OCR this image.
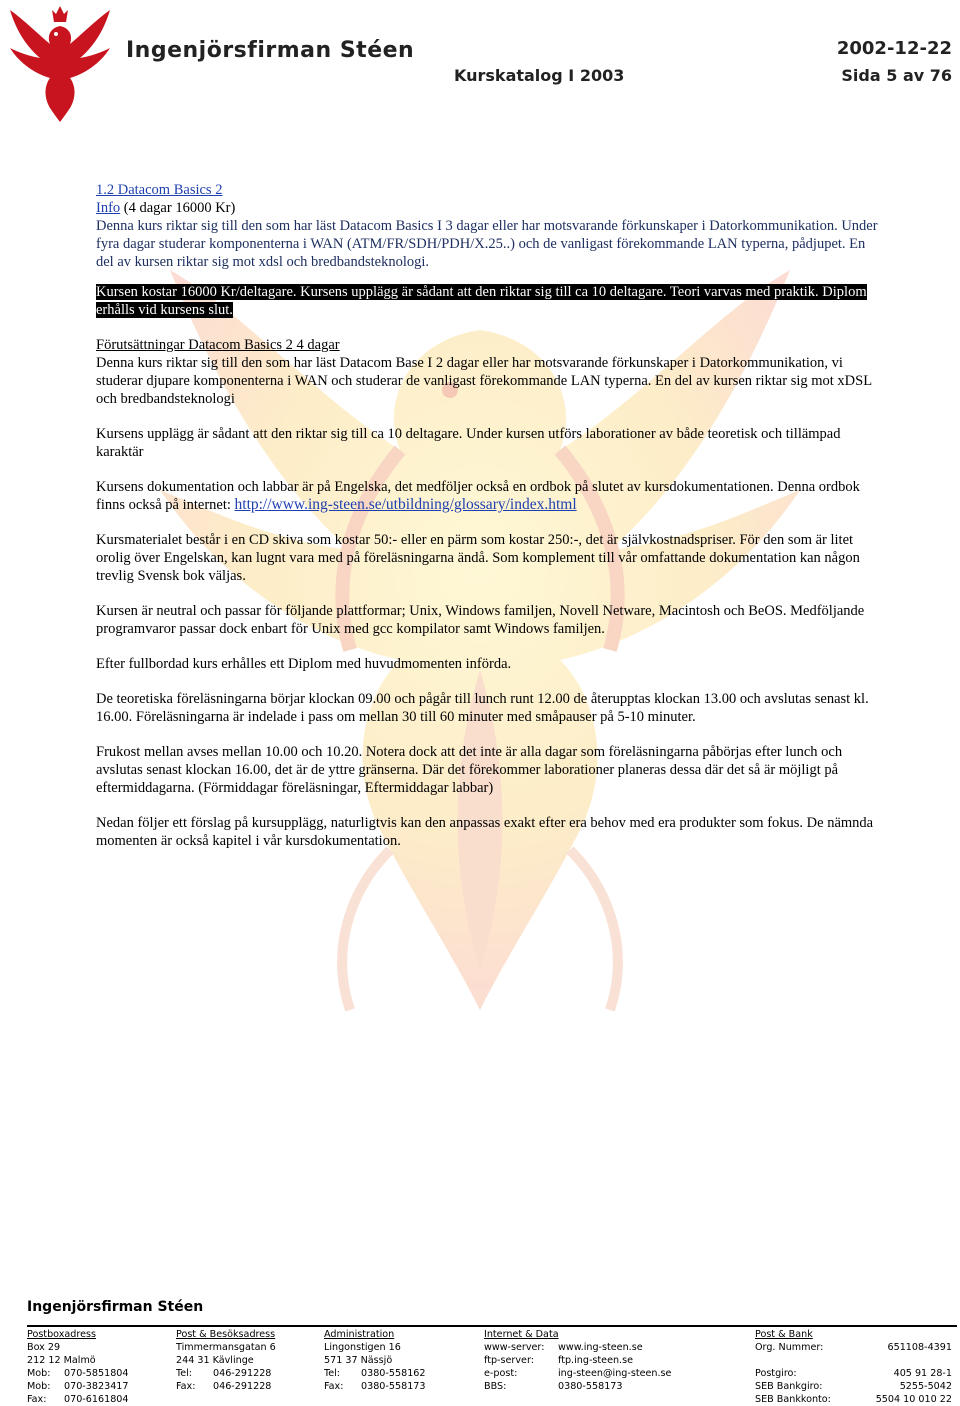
Ingenjörsfirman Stéen	2002-12-22
Kurskatalog I 2003	Sida 5 av 76

1.2 Datacom Basics 2

Info (4 dagar 16000 Kr)

Denna kurs riktar sig till den som har läst Datacom Basics I 3 dagar eller har motsvarande förkunskaper i Datorkommunikation. Under fyra dagar studerar komponenterna i WAN (ATM/FR/SDH/PDH/X.25..) och de vanligast förekommande LAN typerna, pådjupet. En del av kursen riktar sig mot xdsl och bredbandsteknologi.

Kursen kostar 16000 Kr/deltagare. Kursens upplägg är sådant att den riktar sig till ca 10 deltagare. Teori varvas med praktik. Diplom erhålls vid kursens slut.

Förutsättningar Datacom Basics 2 4 dagar

Denna kurs riktar sig till den som har läst Datacom Base I 2 dagar eller har motsvarande förkunskaper i Datorkommunikation, vi studerar djupare komponenterna i WAN och studerar de vanligast förekommande LAN typerna. En del av kursen riktar sig mot xDSL och bredbandsteknologi

Kursens upplägg är sådant att den riktar sig till ca 10 deltagare. Under kursen utförs laborationer av både teoretisk och tillämpad karaktär

Kursens dokumentation och labbar är på Engelska, det medföljer också en ordbok på slutet av kursdokumentationen. Denna ordbok finns också på internet: http://www.ing-steen.se/utbildning/glossary/index.html

Kursmaterialet består i en CD skiva som kostar 50:- eller en pärm som kostar 250:-, det är självkostnadspriser. För den som är litet orolig över Engelskan, kan lugnt vara med på föreläsningarna ändå. Som komplement till vår omfattande dokumentation kan någon trevlig Svensk bok väljas.

Kursen är neutral och passar för följande plattformar; Unix, Windows familjen, Novell Netware, Macintosh och BeOS. Medföljande programvaror passar dock enbart för Unix med gcc kompilator samt Windows familjen.

Efter fullbordad kurs erhålles ett Diplom med huvudmomenten införda.

De teoretiska föreläsningarna börjar klockan 09.00 och pågår till lunch runt 12.00 de återupptas klockan 13.00 och avslutas senast kl. 16.00. Föreläsningarna är indelade i pass om mellan 30 till 60 minuter med småpauser på 5-10 minuter.

Frukost mellan avses mellan 10.00 och 10.20. Notera dock att det inte är alla dagar som föreläsningarna påbörjas efter lunch och avslutas senast klockan 16.00, det är de yttre gränserna. Där det förekommer laborationer planeras dessa där det så är möjligt på eftermiddagarna. (Förmiddagar föreläsningar, Eftermiddagar labbar)

Nedan följer ett förslag på kursupplägg, naturligtvis kan den anpassas exakt efter era behov med era produkter som fokus. De nämnda momenten är också kapitel i vår kursdokumentation.

Ingenjörsfirman Stéen
Postboxadress
Box 29
212 12 Malmö
Mob: 070-5851804
Mob: 070-3823417
Fax: 070-6161804
Post & Besöksadress
Timmermansgatan 6
244 31 Kävlinge
Tel: 046-291228
Fax: 046-291228
Administration
Lingonstigen 16
571 37 Nässjö
Tel: 0380-558162
Fax: 0380-558173
Internet & Data
www-server: www.ing-steen.se
ftp-server:	ftp.ing-steen.se
e-post:	ing-steen@ing-steen.se
BBS:	0380-558173
Post & Bank
Org. Nummer:	651108-4391
Postgiro:	405 91 28-1
SEB Bankgiro:	5255-5042
SEB Bankkonto:	5504 10 010 22
